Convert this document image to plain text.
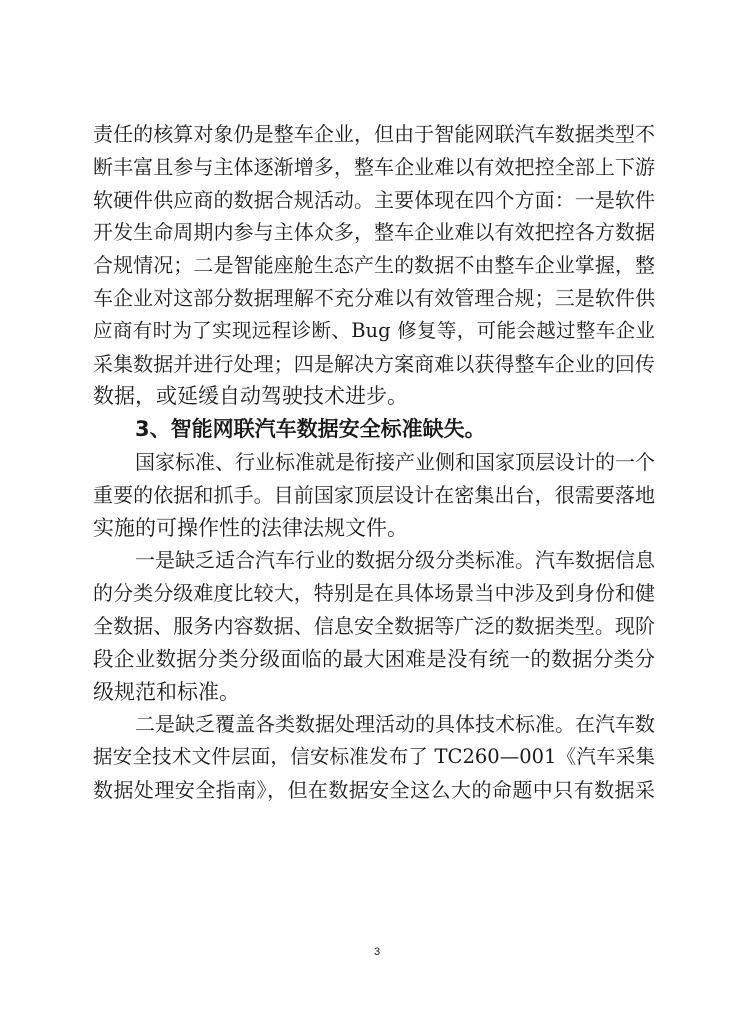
责任的核算对象仍是整车企业，但由于智能网联汽车数据类型不
断丰富且参与主体逐渐增多，整车企业难以有效把控全部上下游
软硬件供应商的数据合规活动。主要体现在四个方面：一是软件
开发生命周期内参与主体众多，整车企业难以有效把控各方数据
合规情况；二是智能座舱生态产生的数据不由整车企业掌握，整
车企业对这部分数据理解不充分难以有效管理合规；三是软件供
应商有时为了实现远程诊断、Bug 修复等，可能会越过整车企业
采集数据并进行处理；四是解决方案商难以获得整车企业的回传
数据，或延缓自动驾驶技术进步。
3、智能网联汽车数据安全标准缺失。
国家标准、行业标准就是衔接产业侧和国家顶层设计的一个
重要的依据和抓手。目前国家顶层设计在密集出台，很需要落地
实施的可操作性的法律法规文件。
一是缺乏适合汽车行业的数据分级分类标准。汽车数据信息
的分类分级难度比较大，特别是在具体场景当中涉及到身份和健
全数据、服务内容数据、信息安全数据等广泛的数据类型。现阶
段企业数据分类分级面临的最大困难是没有统一的数据分类分
级规范和标准。
二是缺乏覆盖各类数据处理活动的具体技术标准。在汽车数
据安全技术文件层面，信安标准发布了 TC260—001《汽车采集
数据处理安全指南》，但在数据安全这么大的命题中只有数据采
3
